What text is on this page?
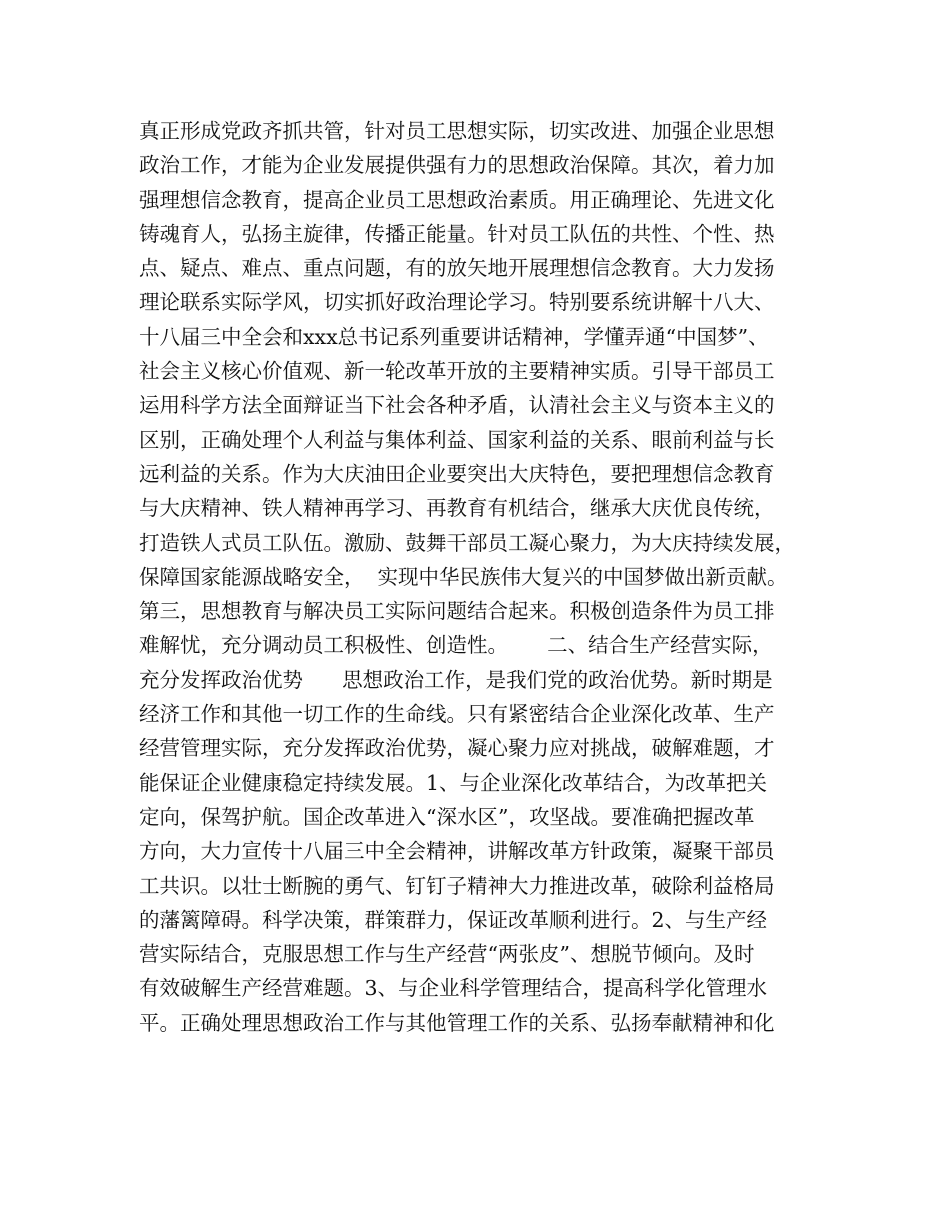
真正形成党政齐抓共管，针对员工思想实际，切实改进、加强企业思想
政治工作，才能为企业发展提供强有力的思想政治保障。其次，着力加
强理想信念教育，提高企业员工思想政治素质。用正确理论、先进文化
铸魂育人，弘扬主旋律，传播正能量。针对员工队伍的共性、个性、热
点、疑点、难点、重点问题，有的放矢地开展理想信念教育。大力发扬
理论联系实际学风，切实抓好政治理论学习。特别要系统讲解十八大、
十八届三中全会和xxx总书记系列重要讲话精神，学懂弄通“中国梦”、
社会主义核心价值观、新一轮改革开放的主要精神实质。引导干部员工
运用科学方法全面辩证当下社会各种矛盾，认清社会主义与资本主义的
区别，正确处理个人利益与集体利益、国家利益的关系、眼前利益与长
远利益的关系。作为大庆油田企业要突出大庆特色，要把理想信念教育
与大庆精神、铁人精神再学习、再教育有机结合，继承大庆优良传统，
打造铁人式员工队伍。激励、鼓舞干部员工凝心聚力，为大庆持续发展，
保障国家能源战略安全，  实现中华民族伟大复兴的中国梦做出新贡献。
第三，思想教育与解决员工实际问题结合起来。积极创造条件为员工排
难解忧，充分调动员工积极性、创造性。      二、结合生产经营实际，
充分发挥政治优势      思想政治工作，是我们党的政治优势。新时期是
经济工作和其他一切工作的生命线。只有紧密结合企业深化改革、生产
经营管理实际，充分发挥政治优势，凝心聚力应对挑战，破解难题，才
能保证企业健康稳定持续发展。1、与企业深化改革结合，为改革把关
定向，保驾护航。国企改革进入“深水区”，攻坚战。要准确把握改革
方向，大力宣传十八届三中全会精神，讲解改革方针政策，凝聚干部员
工共识。以壮士断腕的勇气、钉钉子精神大力推进改革，破除利益格局
的藩篱障碍。科学决策，群策群力，保证改革顺利进行。2、与生产经
营实际结合，克服思想工作与生产经营“两张皮”、想脱节倾向。及时
有效破解生产经营难题。3、与企业科学管理结合，提高科学化管理水
平。正确处理思想政治工作与其他管理工作的关系、弘扬奉献精神和化
